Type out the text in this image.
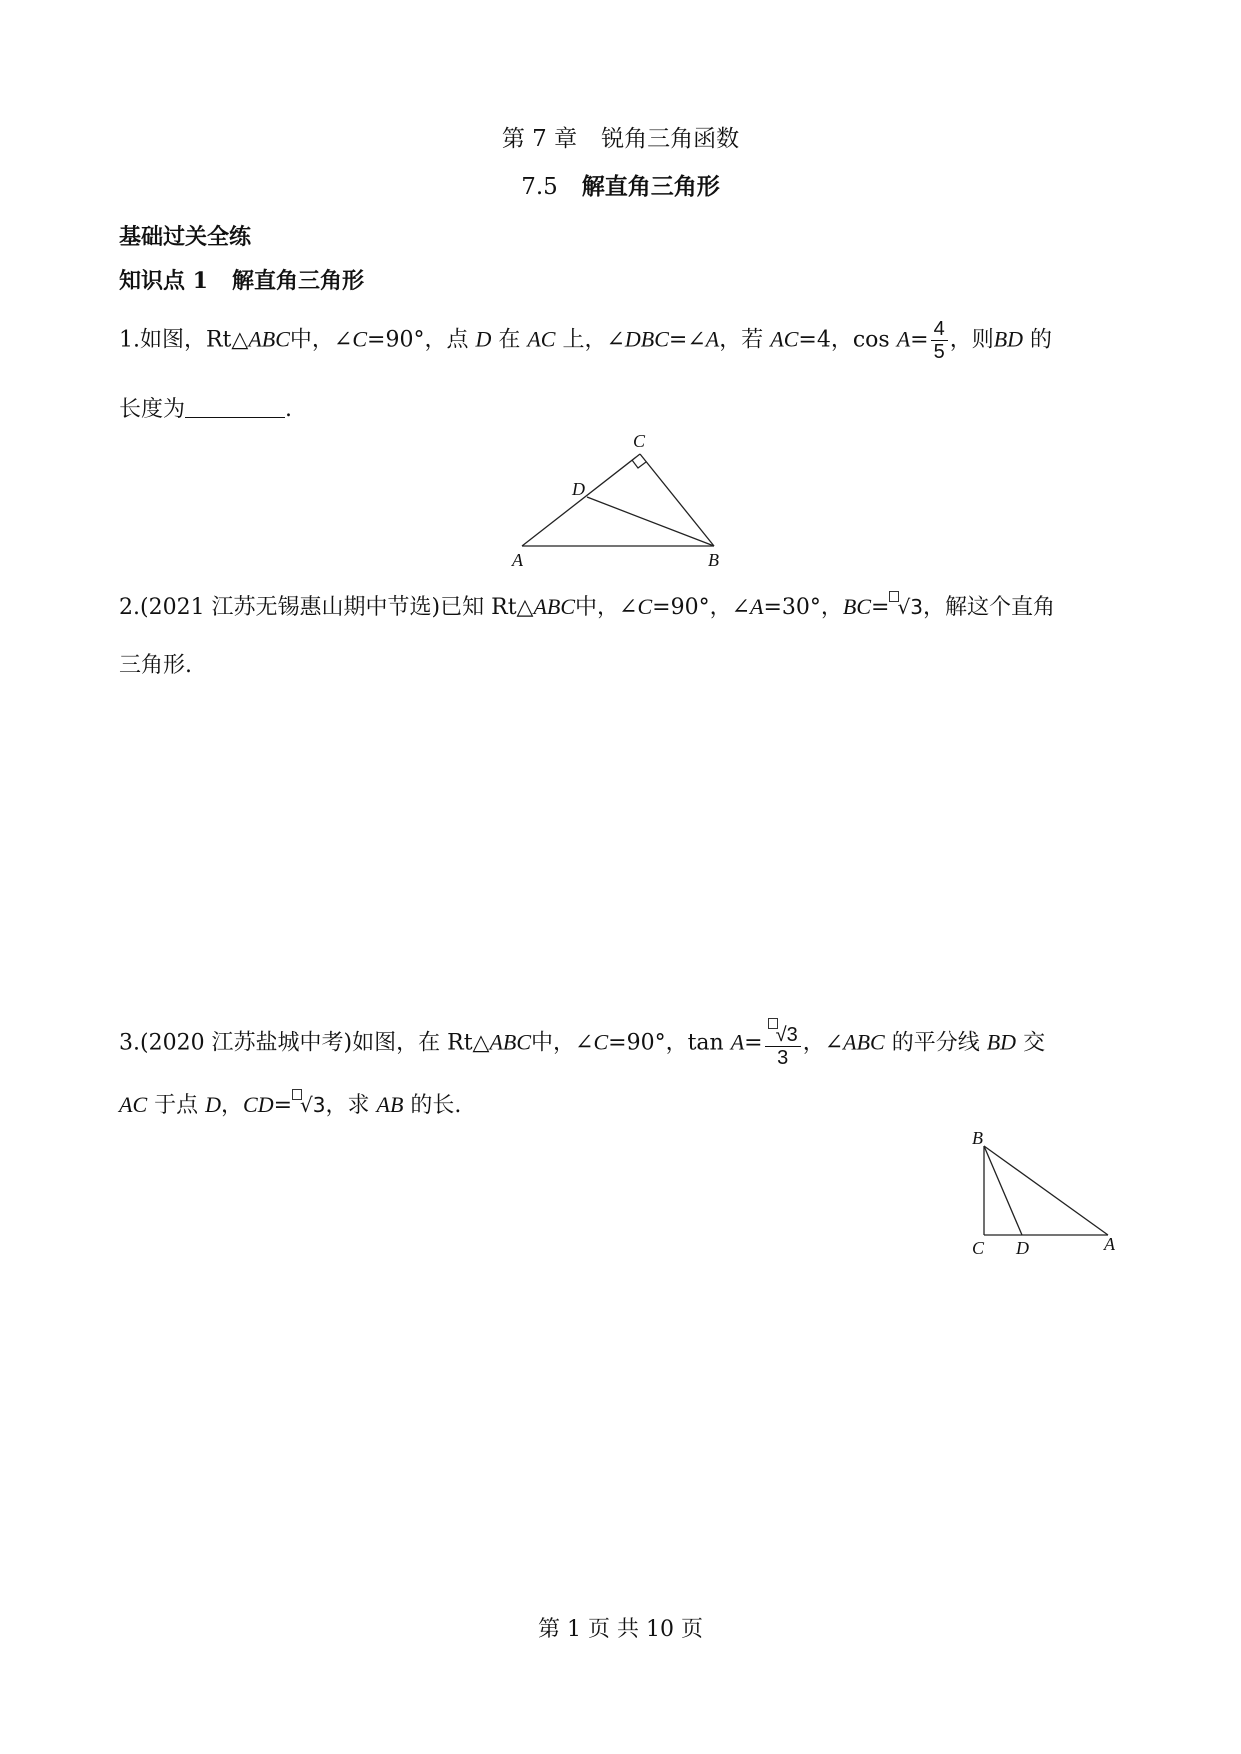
第 7 章 锐角三角函数
7.5 解直角三角形
基础过关全练
知识点 1 解直角三角形
1.如图，Rt△ABC中，∠C=90°，点 D 在 AC 上，∠DBC=∠A，若 AC=4，$\cos A= \frac{4}{5}$ ，则BD 的
长度为	.
C
D
A	B
2.(2021 江苏无锡惠山期中节选)已知 Rt△ABC中，∠C=90°，∠A=30°，BC= √3，解这个直角
三角形.
3.(2020 江苏盐城中考)如图，在 Rt△ABC中，∠C=90°，$\tan A= \frac{√3}{3}$ ，∠ABC 的平分线 BD 交
AC 于点 D，CD= √3，求 AB 的长.
B
C D	A
第 1 页 共 10 页
